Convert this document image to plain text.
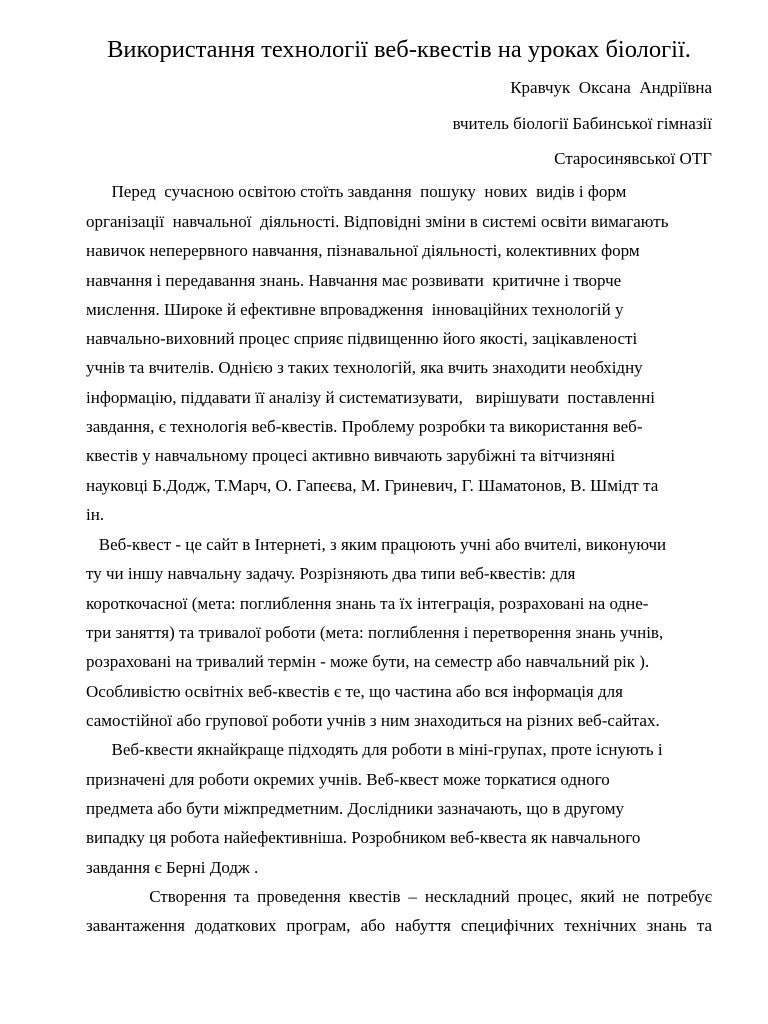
Використання технології веб-квестів на уроках біології.

Кравчук  Оксана  Андріївна

вчитель біології Бабинської гімназії

Старосинявської ОТГ

Перед  сучасною освітою стоїть завдання  пошуку  нових  видів і форм

організації  навчальної  діяльності. Відповідні зміни в системі освіти вимагають

навичок неперервного навчання, пізнавальної діяльності, колективних форм

навчання і передавання знань. Навчання має розвивати  критичне і творче

мислення. Широке й ефективне впровадження  інноваційних технологій у

навчально-виховний процес сприяє підвищенню його якості, зацікавленості

учнів та вчителів. Однією з таких технологій, яка вчить знаходити необхідну

інформацію, піддавати її аналізу й систематизувати,   вирішувати  поставленні

завдання, є технологія веб-квестів. Проблему розробки та використання веб-

квестів у навчальному процесі активно вивчають зарубіжні та вітчизняні

науковці Б.Додж, Т.Марч, О. Гапеєва, М. Гриневич, Г. Шаматонов, В. Шмідт та

ін.

Веб-квест - це сайт в Інтернеті, з яким працюють учні або вчителі, виконуючи

ту чи іншу навчальну задачу. Розрізняють два типи веб-квестів: для

короткочасної (мета: поглиблення знань та їх інтеграція, розраховані на одне-

три заняття) та тривалої роботи (мета: поглиблення і перетворення знань учнів,

розраховані на тривалий термін - може бути, на семестр або навчальний рік ).

Особливістю освітніх веб-квестів є те, що частина або вся інформація для

самостійної або групової роботи учнів з ним знаходиться на різних веб-сайтах.

Веб-квести якнайкраще підходять для роботи в міні-групах, проте існують і

призначені для роботи окремих учнів. Веб-квест може торкатися одного

предмета або бути міжпредметним. Дослідники зазначають, що в другому

випадку ця робота найефективніша. Розробником веб-квеста як навчального

завдання є Берні Додж .

Створення та проведення квестів – нескладний процес, який не потребує

завантаження додаткових програм, або набуття специфічних технічних знань та
